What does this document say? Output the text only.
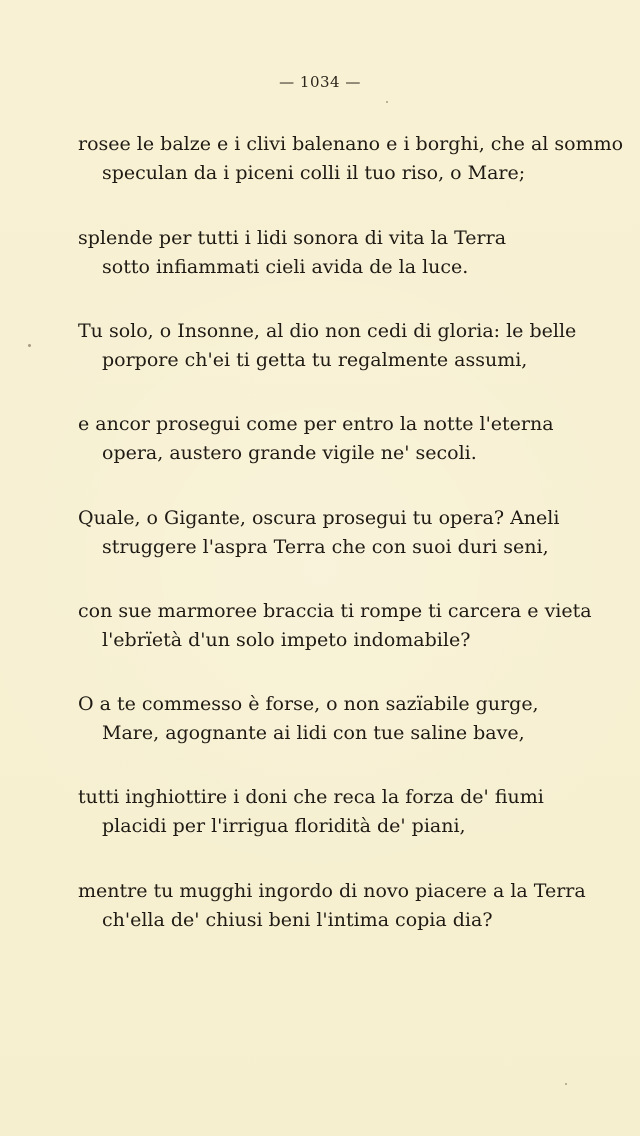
— 1034 —
rosee le balze e i clivi balenano e i borghi, che al sommo
speculan da i piceni colli il tuo riso, o Mare;
splende per tutti i lidi sonora di vita la Terra
sotto infiammati cieli avida de la luce.
Tu solo, o Insonne, al dio non cedi di gloria: le belle
porpore ch'ei ti getta tu regalmente assumi,
e ancor prosegui come per entro la notte l'eterna
opera, austero grande vigile ne' secoli.
Quale, o Gigante, oscura prosegui tu opera? Aneli
struggere l'aspra Terra che con suoi duri seni,
con sue marmoree braccia ti rompe ti carcera e vieta
l'ebrïetà d'un solo impeto indomabile?
O a te commesso è forse, o non sazïabile gurge,
Mare, agognante ai lidi con tue saline bave,
tutti inghiottire i doni che reca la forza de' fiumi
placidi per l'irrigua floridità de' piani,
mentre tu mugghi ingordo di novo piacere a la Terra
ch'ella de' chiusi beni l'intima copia dia?
